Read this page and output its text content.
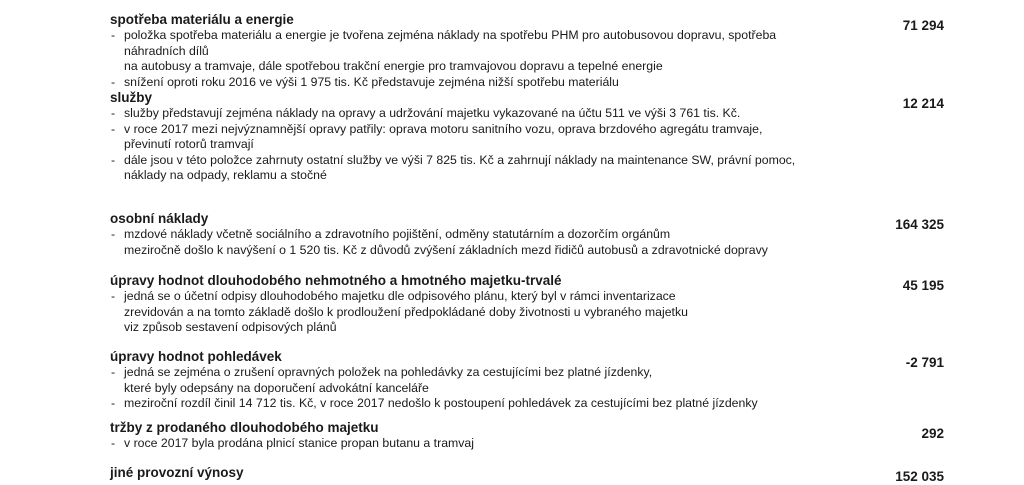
spotřeba materiálu a energie	71 294
- položka spotřeba materiálu a energie je tvořena zejména náklady na spotřebu PHM pro autobusovou dopravu, spotřeba náhradních dílů
na autobusy a tramvaje, dále spotřebou trakční energie pro tramvajovou dopravu a tepelné energie
- snížení oproti roku 2016 ve výši 1 975 tis. Kč představuje zejména nižší spotřebu materiálu
služby	12 214
- služby představují zejména náklady na opravy a udržování majetku vykazované na účtu 511 ve výši 3 761 tis. Kč.
- v roce 2017 mezi nejvýznamnější opravy patřily: oprava motoru sanitního vozu, oprava brzdového agregátu tramvaje,
převinutí rotorů tramvají
- dále jsou v této položce zahrnuty ostatní služby ve výši 7 825 tis. Kč a zahrnují náklady na maintenance SW, právní pomoc,
náklady na odpady, reklamu a stočné
osobní náklady	164 325
- mzdové náklady včetně sociálního a zdravotního pojištění, odměny statutárním a dozorčím orgánům
meziročně došlo k navýšení o 1 520 tis. Kč z důvodů zvýšení základních mezd řidičů autobusů a zdravotnické dopravy
úpravy hodnot dlouhodobého nehmotného a hmotného majetku-trvalé	45 195
- jedná se o účetní odpisy dlouhodobého majetku dle odpisového plánu, který byl v rámci inventarizace
zrevidován a na tomto základě došlo k prodloužení předpokládané doby životnosti u vybraného majetku
viz způsob sestavení odpisových plánů
úpravy hodnot pohledávek	-2 791
- jedná se zejména o zrušení opravných položek na pohledávky za cestujícími bez platné jízdenky,
které byly odepsány na doporučení advokátní kanceláře
- meziroční rozdíl činil 14 712 tis. Kč, v roce 2017 nedošlo k postoupení pohledávek za cestujícími bez platné jízdenky
tržby z prodaného dlouhodobého majetku	292
- v roce 2017 byla prodána plnicí stanice propan butanu a tramvaj
jiné provozní výnosy	152 035
